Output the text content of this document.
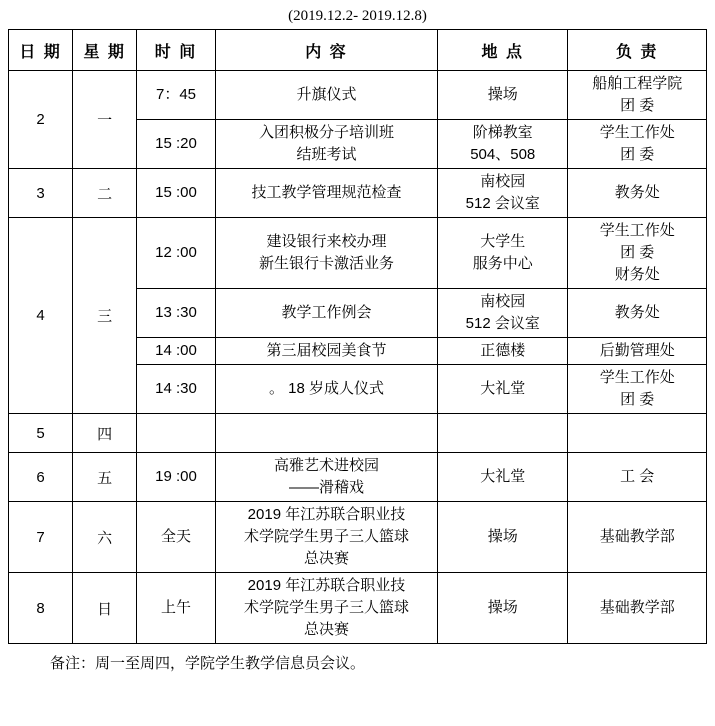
(2019.12.2- 2019.12.8)
日 期	星 期	时 间	内 容	地 点	负 责
2	一	7：45	升旗仪式	操场	船舶工程学院
团 委

		15 :20	入团积极分子培训班
结班考试	阶梯教室
504、508	学生工作处
团 委

3	二	15 :00	技工教学管理规范检查	南校园
512 会议室	教务处

4	三	12 :00	建设银行来校办理
新生银行卡激活业务	大学生
服务中心	学生工作处
团 委
财务处

		13 :30	教学工作例会	南校园
512 会议室	教务处

		14 :00	第三届校园美食节	正德楼	后勤管理处

		14 :30	。 18 岁成人仪式	大礼堂	学生工作处
团 委

5	四	

6	五	19 :00	高雅艺术进校园
——滑稽戏	大礼堂	工 会

7	六	全天	2019 年江苏联合职业技
术学院学生男子三人篮球
总决赛	操场	基础教学部

8	日	上午	2019 年江苏联合职业技
术学院学生男子三人篮球
总决赛	操场	基础教学部
备注：周一至周四，学院学生教学信息员会议。
